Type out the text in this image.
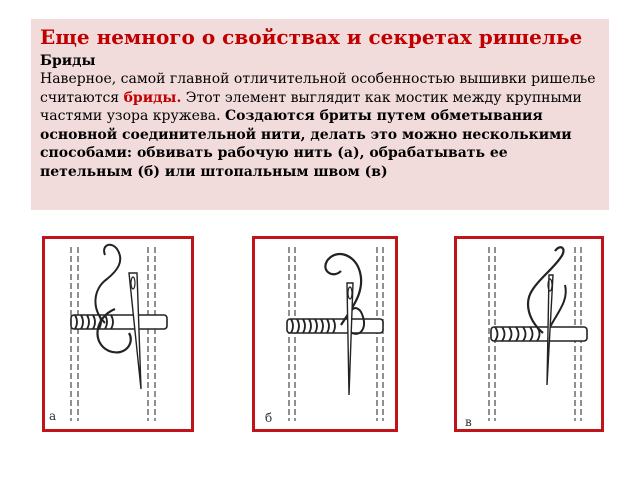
Еще немного о свойствах и секретах ришелье
Бриды

Наверное, самой главной отличительной особенностью вышивки ришелье считаются бриды. Этот элемент выглядит как мостик между крупными частями узора кружева. Создаются бриты путем обметывания основной соединительной нити, делать это можно несколькими способами: обвивать рабочую нить (а), обрабатывать ее петельным (б) или штопальным швом (в)

а	б	в
